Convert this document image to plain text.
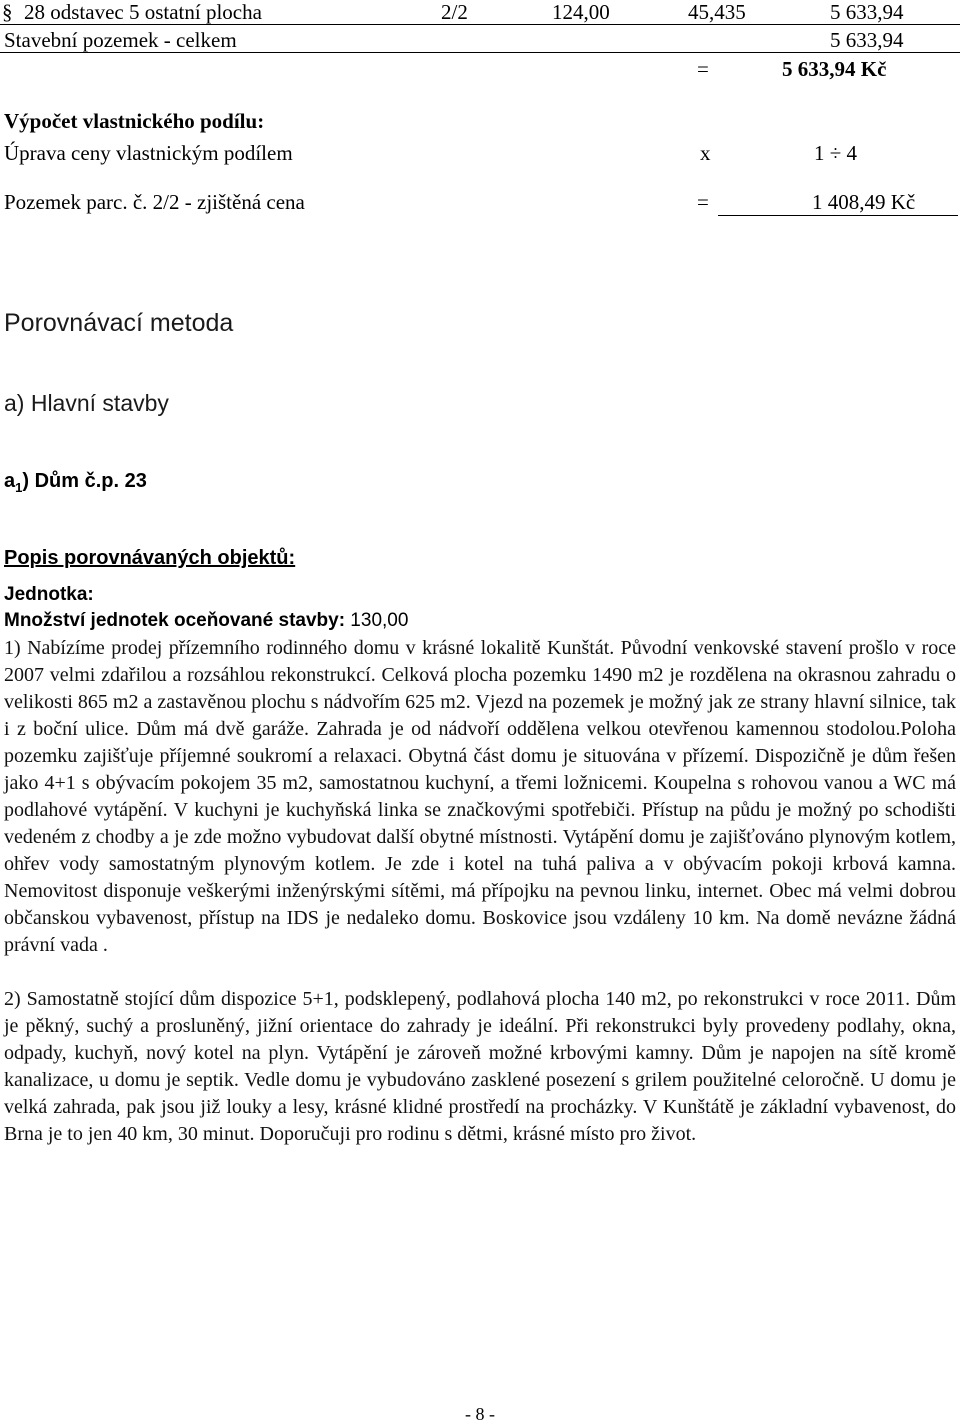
§ 28 odstavec 5 ostatní plocha	2/2	124,00	45,435	5 633,94
Stavební pozemek - celkem	5 633,94
=	5 633,94 Kč
Výpočet vlastnického podílu:
Úprava ceny vlastnickým podílem	x	1 ÷ 4
Pozemek parc. č. 2/2 - zjištěná cena	=	1 408,49 Kč
Porovnávací metoda
a) Hlavní stavby
$a_1$) Dům č.p. 23
Popis porovnávaných objektů:
Jednotka:
Množství jednotek oceňované stavby: 130,00

1) Nabízíme prodej přízemního rodinného domu v krásné lokalitě Kunštát. Původní venkovské stavení prošlo v roce 2007 velmi zdařilou a rozsáhlou rekonstrukcí. Celková plocha pozemku 1490 m2 je rozdělena na okrasnou zahradu o velikosti 865 m2 a zastavěnou plochu s nádvořím 625 m2. Vjezd na pozemek je možný jak ze strany hlavní silnice, tak i z boční ulice. Dům má dvě garáže. Zahrada je od nádvoří oddělena velkou otevřenou kamennou stodolou.Poloha pozemku zajišťuje příjemné soukromí a relaxaci. Obytná část domu je situována v přízemí. Dispozičně je dům řešen jako 4+1 s obývacím pokojem 35 m2, samostatnou kuchyní, a třemi ložnicemi. Koupelna s rohovou vanou a WC má podlahové vytápění. V kuchyni je kuchyňská linka se značkovými spotřebiči. Přístup na půdu je možný po schodišti vedeném z chodby a je zde možno vybudovat další obytné místnosti. Vytápění domu je zajišťováno plynovým kotlem, ohřev vody samostatným plynovým kotlem. Je zde i kotel na tuhá paliva a v obývacím pokoji krbová kamna. Nemovitost disponuje veškerými inženýrskými sítěmi, má přípojku na pevnou linku, internet. Obec má velmi dobrou občanskou vybavenost, přístup na IDS je nedaleko domu. Boskovice jsou vzdáleny 10 km. Na domě nevázne žádná právní vada .

2) Samostatně stojící dům dispozice 5+1, podsklepený, podlahová plocha 140 m2, po rekonstrukci v roce 2011. Dům je pěkný, suchý a prosluněný, jižní orientace do zahrady je ideální. Při rekonstrukci byly provedeny podlahy, okna, odpady, kuchyň, nový kotel na plyn. Vytápění je zároveň možné krbovými kamny. Dům je napojen na sítě kromě kanalizace, u domu je septik. Vedle domu je vybudováno zasklené posezení s grilem použitelné celoročně. U domu je velká zahrada, pak jsou již louky a lesy, krásné klidné prostředí na procházky. V Kunštátě je základní vybavenost, do Brna je to jen 40 km, 30 minut. Doporučuji pro rodinu s dětmi, krásné místo pro život.

- 8 -
